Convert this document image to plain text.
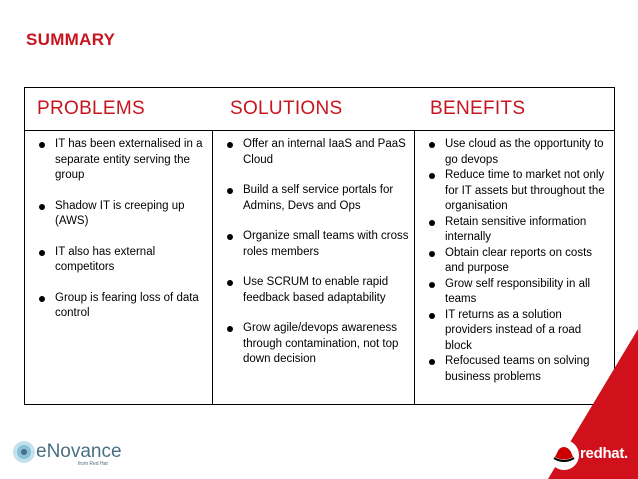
SUMMARY
PROBLEMS	SOLUTIONS	BENEFITS
IT has been externalised in a separate entity serving the group
Shadow IT is creeping up (AWS)
IT also has external competitors
Group is fearing loss of data control
Offer an internal IaaS and PaaS Cloud
Build a self service portals for Admins, Devs and Ops
Organize small teams with cross roles members
Use SCRUM to enable rapid feedback based adaptability
Grow agile/devops awareness through contamination, not top down decision
Use cloud as the opportunity to go devops
Reduce time to market not only for IT assets but throughout the organisation
Retain sensitive information internally
Obtain clear reports on costs and purpose
Grow self responsibility in all teams
IT returns as a solution providers instead of a road block
Refocused teams on solving business problems
eNovance
from Red Hat
redhat.
